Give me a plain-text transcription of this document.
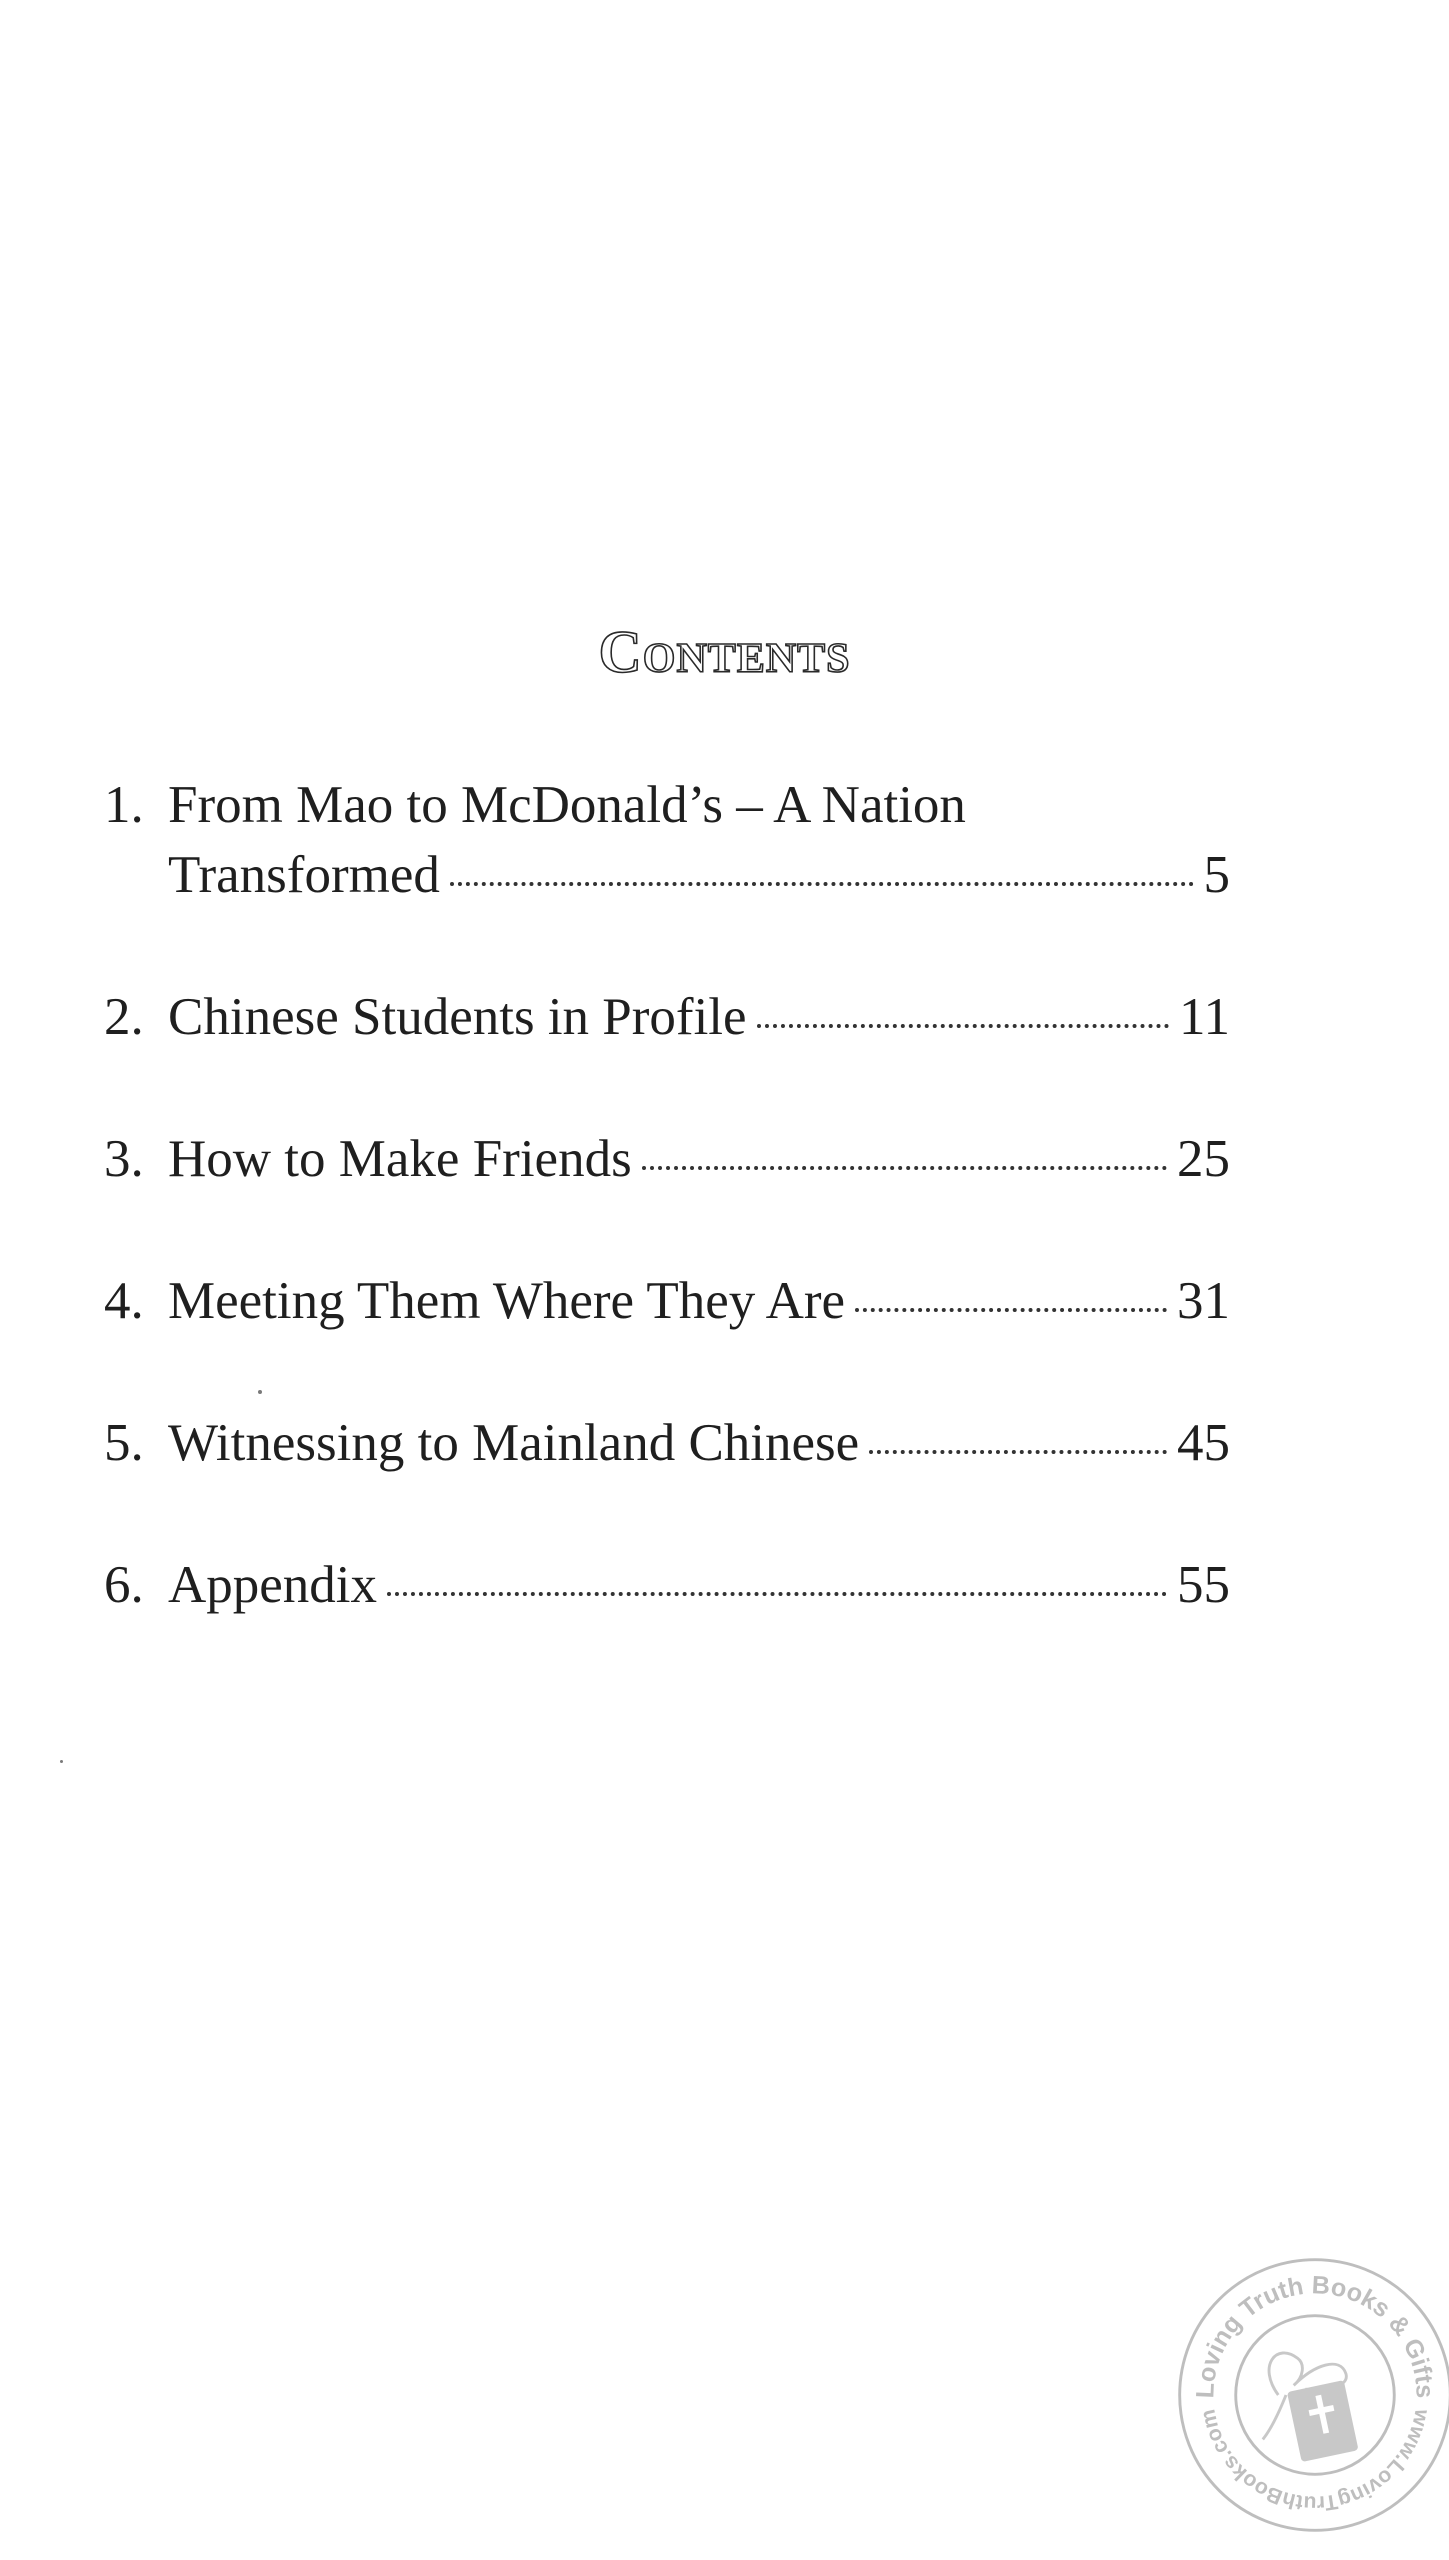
Contents
1. From Mao to McDonald’s – A Nation
Transformed	5
2. Chinese Students in Profile	11
3. How to Make Friends	25
4. Meeting Them Where They Are	31
5. Witnessing to Mainland Chinese	45
6. Appendix	55
Loving Truth Books & Gifts
www.LovingTruthBooks.com
